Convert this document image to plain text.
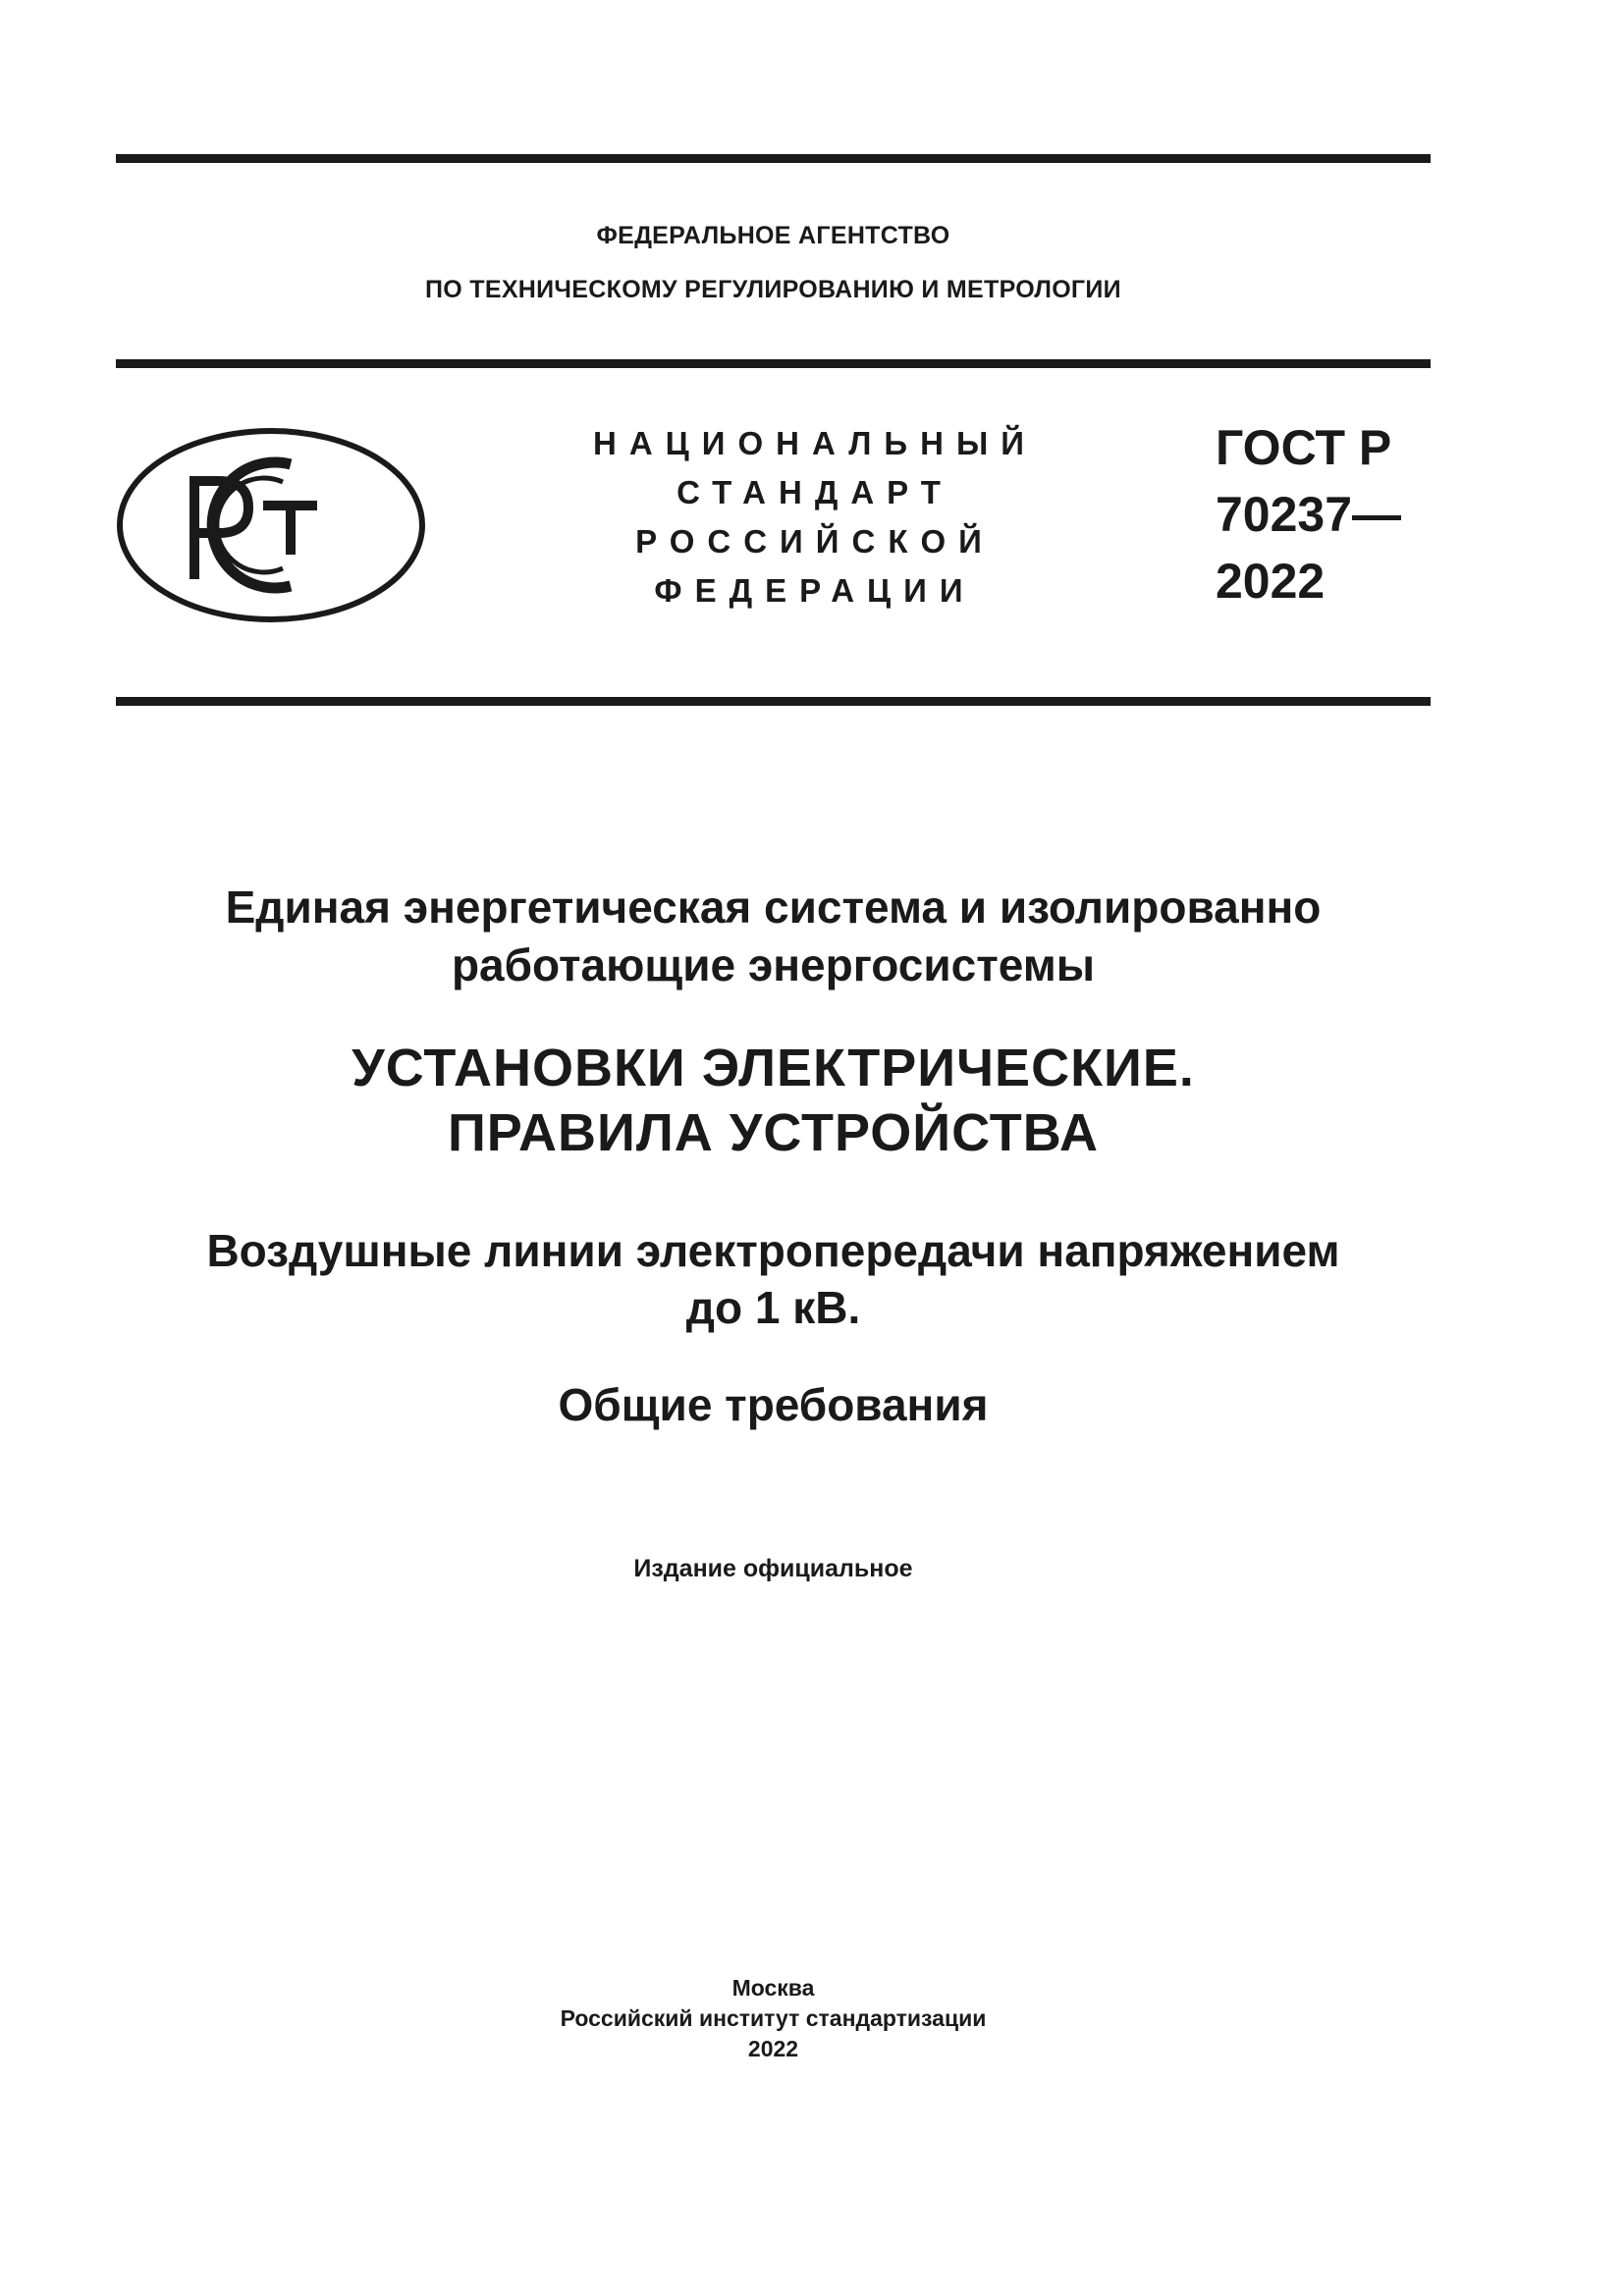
ФЕДЕРАЛЬНОЕ АГЕНТСТВО
ПО ТЕХНИЧЕСКОМУ РЕГУЛИРОВАНИЮ И МЕТРОЛОГИИ
НАЦИОНАЛЬНЫЙ
СТАНДАРТ
РОССИЙСКОЙ
ФЕДЕРАЦИИ
ГОСТ Р
70237—
2022
Единая энергетическая система и изолированно
работающие энергосистемы
УСТАНОВКИ ЭЛЕКТРИЧЕСКИЕ.
ПРАВИЛА УСТРОЙСТВА
Воздушные линии электропередачи напряжением
до 1 кВ.
Общие требования
Издание официальное
Москва
Российский институт стандартизации
2022
